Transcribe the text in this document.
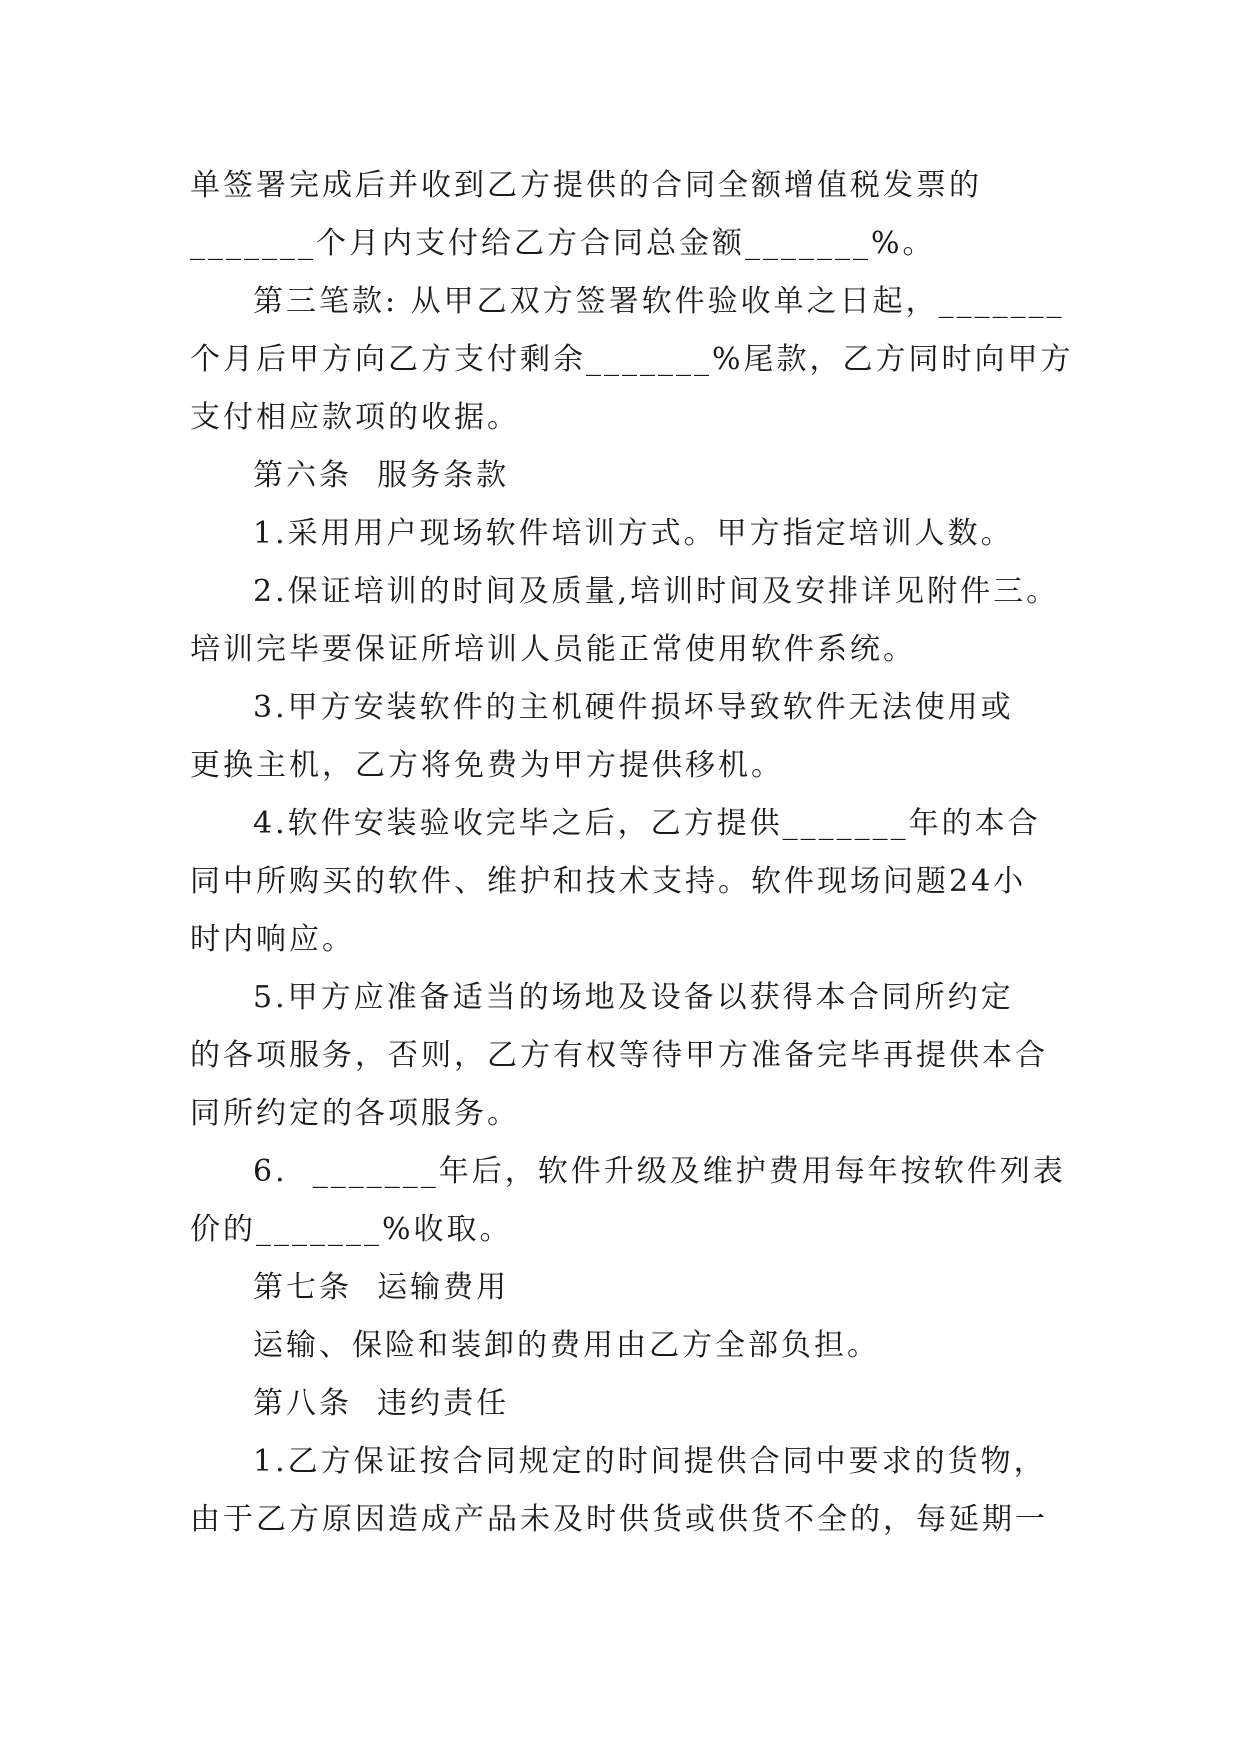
单签署完成后并收到乙方提供的合同全额增值税发票的
_______个月内支付给乙方合同总金额_______%。
第三笔款: 从甲乙双方签署软件验收单之日起，_______
个月后甲方向乙方支付剩余_______%尾款，乙方同时向甲方
支付相应款项的收据。
第六条  服务条款
1.采用用户现场软件培训方式。甲方指定培训人数。
2.保证培训的时间及质量,培训时间及安排详见附件三。
培训完毕要保证所培训人员能正常使用软件系统。
3.甲方安装软件的主机硬件损坏导致软件无法使用或
更换主机，乙方将免费为甲方提供移机。
4.软件安装验收完毕之后，乙方提供_______年的本合
同中所购买的软件、维护和技术支持。软件现场问题24小
时内响应。
5.甲方应准备适当的场地及设备以获得本合同所约定
的各项服务，否则，乙方有权等待甲方准备完毕再提供本合
同所约定的各项服务。
6.  _______年后，软件升级及维护费用每年按软件列表
价的_______%收取。
第七条  运输费用
运输、保险和装卸的费用由乙方全部负担。
第八条  违约责任
1.乙方保证按合同规定的时间提供合同中要求的货物，
由于乙方原因造成产品未及时供货或供货不全的，每延期一
